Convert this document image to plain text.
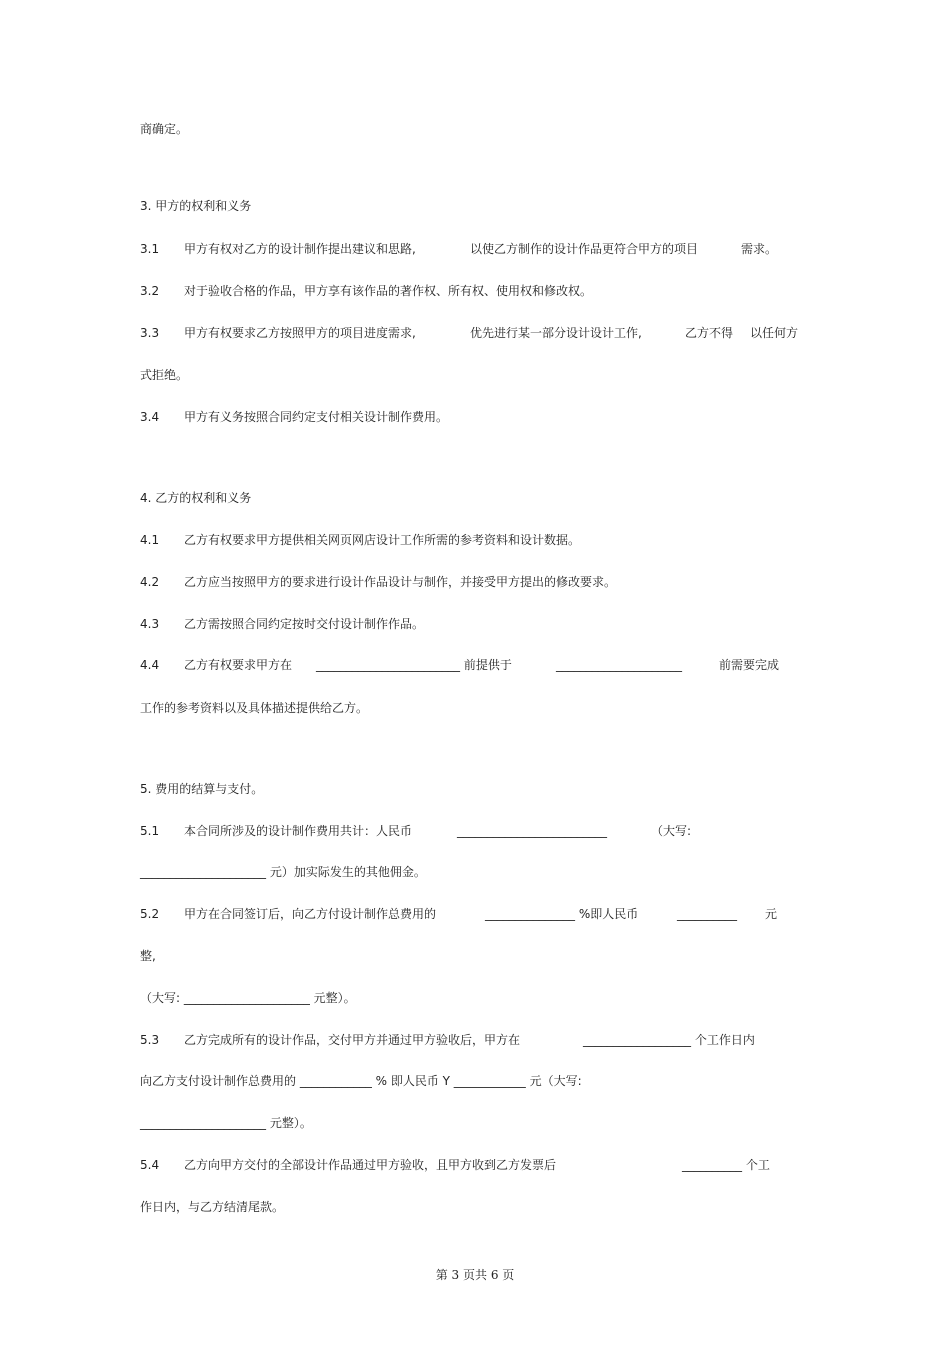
商确定。
3. 甲方的权利和义务
3.1 甲方有权对乙方的设计制作提出建议和思路,	以使乙方制作的设计作品更符合甲方的项目	需求。
3.2 对于验收合格的作品，甲方享有该作品的著作权、所有权、使用权和修改权。
3.3 甲方有权要求乙方按照甲方的项目进度需求,	优先进行某一部分设计设计工作,	乙方不得 以任何方
式拒绝。
3.4 甲方有义务按照合同约定支付相关设计制作费用。
4. 乙方的权利和义务
4.1 乙方有权要求甲方提供相关网页网店设计工作所需的参考资料和设计数据。
4.2 乙方应当按照甲方的要求进行设计作品设计与制作，并接受甲方提出的修改要求。
4.3 乙方需按照合同约定按时交付设计制作作品。
4.4 乙方有权要求甲方在 ________________________ 前提供于	_____________________	前需要完成
工作的参考资料以及具体描述提供给乙方。
5. 费用的结算与支付。
5.1 本合同所涉及的设计制作费用共计：人民币	_________________________	（大写:
_____________________ 元）加实际发生的其他佣金。
5.2 甲方在合同签订后，向乙方付设计制作总费用的	_______________ %即人民币	__________ 元
整,
（大写: _____________________ 元整）。
5.3 乙方完成所有的设计作品，交付甲方并通过甲方验收后，甲方在	__________________ 个工作日内
向乙方支付设计制作总费用的 ____________ % 即人民币 Y ____________ 元（大写:
_____________________ 元整）。
5.4 乙方向甲方交付的全部设计作品通过甲方验收，且甲方收到乙方发票后	__________ 个工
作日内，与乙方结清尾款。
第 3 页共 6 页
